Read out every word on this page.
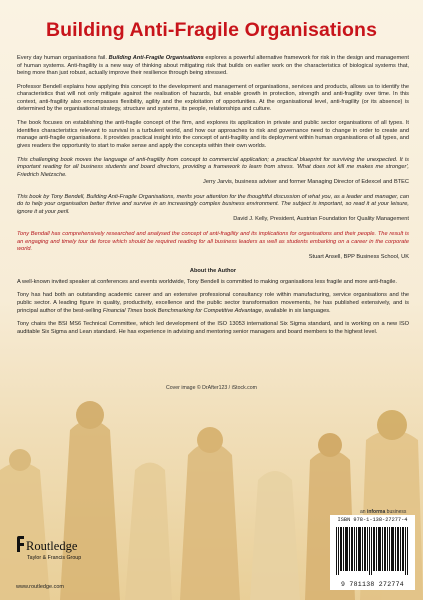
Building Anti-Fragile Organisations

Every day human organisations fail. Building Anti-Fragile Organisations explores a powerful alternative framework for risk in the design and management of human systems. Anti-fragility is a new way of thinking about mitigating risk that builds on earlier work on the characteristics of biological systems that, being more than just robust, actually improve their resilience through being stressed.

Professor Bendell explains how applying this concept to the development and management of organisations, services and products, allows us to identify the characteristics that will not only mitigate against the realisation of hazards, but enable growth in protection, strength and anti-fragility over time. In this context, anti-fragility also encompasses flexibility, agility and the exploitation of opportunities. At the organisational level, anti-fragility (or its absence) is determined by the organisational strategy, structure and systems, its people, relationships and culture.

The book focuses on establishing the anti-fragile concept of the firm, and explores its application in private and public sector organisations of all types. It identifies characteristics relevant to survival in a turbulent world, and how our approaches to risk and governance need to change in order to create and manage anti-fragile organisations. It provides practical insight into the concept of anti-fragility and its deployment within human organisations of all types, and gives readers the opportunity to start to make sense and apply the concepts within their own worlds.

This challenging book moves the language of anti-fragility from concept to commercial application; a practical blueprint for surviving the unexpected. It is important reading for all business students and board directors, providing a framework to learn from stress. 'What does not kill me makes me stronger', Friedrich Nietzsche.
Jerry Jarvis, business adviser and former Managing Director of Edexcel and BTEC
This book by Tony Bendell, Building Anti-Fragile Organisations, merits your attention for the thoughtful discussion of what you, as a leader and manager, can do to help your organisation better thrive and survive in an increasingly complex business environment. The subject is important, so read it at your leisure, ignore it at your peril.
David J. Kelly, President, Austrian Foundation for Quality Management
Tony Bendall has comprehensively researched and analysed the concept of anti-fragility and its implications for organisations and their people. The result is an engaging and timely tour de force which should be required reading for all business leaders as well as students embarking on a career in the corporate world.
Stuart Ansell, BPP Business School, UK
About the Author

A well-known invited speaker at conferences and events worldwide, Tony Bendell is committed to making organisations less fragile and more anti-fragile.

Tony has had both an outstanding academic career and an extensive professional consultancy role within manufacturing, service organisations and the public sector. A leading figure in quality, productivity, excellence and the public sector transformation movements, he has published extensively, and is principal author of the best-selling Financial Times book Benchmarking for Competitive Advantage, available in six languages.

Tony chairs the BSI MS6 Technical Committee, which led development of the ISO 13053 international Six Sigma standard, and is working on a new ISO auditable Six Sigma and Lean standard. He has experience in advising and mentoring senior managers and board members to the highest level.

Cover image © DrAfter123 / iStock.com
an informa business
ISBN 978-1-138-27277-4
9 781138 272774
Routledge
Taylor & Francis Group
www.routledge.com
